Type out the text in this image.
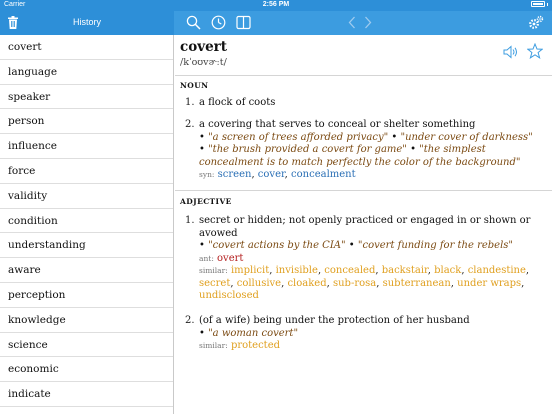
Carrier	2:56 PM
History
covert
language
speaker
person
influence
force
validity
condition
understanding
aware
perception
knowledge
science
economic
indicate
covert
/kˈoʊvɚːt/
NOUN
1. a flock of coots
2. a covering that serves to conceal or shelter something
• "a screen of trees afforded privacy" • "under cover of darkness" • "the brush provided a covert for game" • "the simplest concealment is to match perfectly the color of the background"
syn: screen, cover, concealment
ADJECTIVE
1. secret or hidden; not openly practiced or engaged in or shown or avowed
• "covert actions by the CIA" • "covert funding for the rebels"
ant: overt
similar: implicit, invisible, concealed, backstair, black, clandestine, secret, collusive, cloaked, sub-rosa, subterranean, under wraps, undisclosed
2. (of a wife) being under the protection of her husband
• "a woman covert"
similar: protected
